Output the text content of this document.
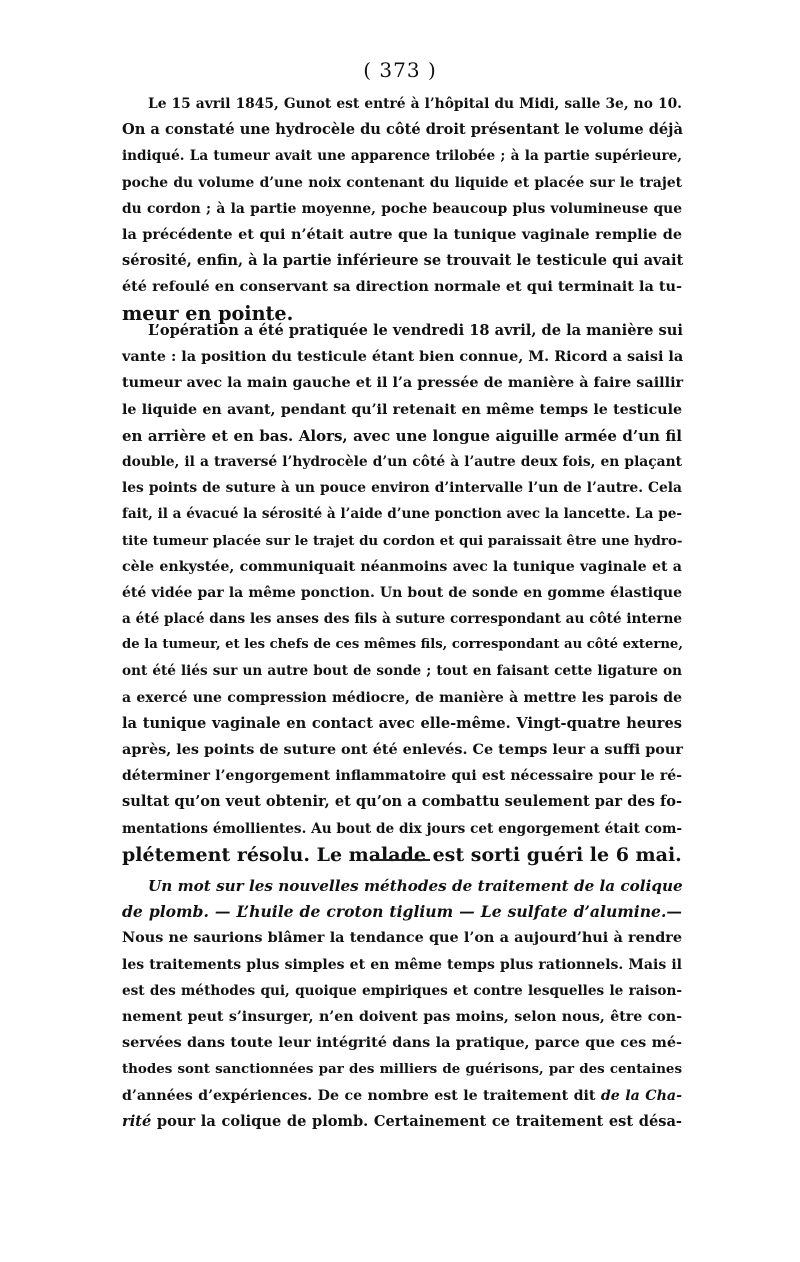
( 373 )
Le 15 avril 1845, Gunot est entré à l’hôpital du Midi, salle 3e, no 10.
On a constaté une hydrocèle du côté droit présentant le volume déjà
indiqué. La tumeur avait une apparence trilobée ; à la partie supérieure,
poche du volume d’une noix contenant du liquide et placée sur le trajet
du cordon ; à la partie moyenne, poche beaucoup plus volumineuse que
la précédente et qui n’était autre que la tunique vaginale remplie de
sérosité, enfin, à la partie inférieure se trouvait le testicule qui avait
été refoulé en conservant sa direction normale et qui terminait la tu-
meur en pointe.
L’opération a été pratiquée le vendredi 18 avril, de la manière sui
vante : la position du testicule étant bien connue, M. Ricord a saisi la
tumeur avec la main gauche et il l’a pressée de manière à faire saillir
le liquide en avant, pendant qu’il retenait en même temps le testicule
en arrière et en bas. Alors, avec une longue aiguille armée d’un fil
double, il a traversé l’hydrocèle d’un côté à l’autre deux fois, en plaçant
les points de suture à un pouce environ d’intervalle l’un de l’autre. Cela
fait, il a évacué la sérosité à l’aide d’une ponction avec la lancette. La pe-
tite tumeur placée sur le trajet du cordon et qui paraissait être une hydro-
cèle enkystée, communiquait néanmoins avec la tunique vaginale et a
été vidée par la même ponction. Un bout de sonde en gomme élastique
a été placé dans les anses des fils à suture correspondant au côté interne
de la tumeur, et les chefs de ces mêmes fils, correspondant au côté externe,
ont été liés sur un autre bout de sonde ; tout en faisant cette ligature on
a exercé une compression médiocre, de manière à mettre les parois de
la tunique vaginale en contact avec elle-même. Vingt-quatre heures
après, les points de suture ont été enlevés. Ce temps leur a suffi pour
déterminer l’engorgement inflammatoire qui est nécessaire pour le ré-
sultat qu’on veut obtenir, et qu’on a combattu seulement par des fo-
mentations émollientes. Au bout de dix jours cet engorgement était com-
plétement résolu. Le malade est sorti guéri le 6 mai.
Un mot sur les nouvelles méthodes de traitement de la colique
de plomb. — L’huile de croton tiglium — Le sulfate d’alumine.—
Nous ne saurions blâmer la tendance que l’on a aujourd’hui à rendre
les traitements plus simples et en même temps plus rationnels. Mais il
est des méthodes qui, quoique empiriques et contre lesquelles le raison-
nement peut s’insurger, n’en doivent pas moins, selon nous, être con-
servées dans toute leur intégrité dans la pratique, parce que ces mé-
thodes sont sanctionnées par des milliers de guérisons, par des centaines
d’années d’expériences. De ce nombre est le traitement dit de la Cha-
rité pour la colique de plomb. Certainement ce traitement est désa-
